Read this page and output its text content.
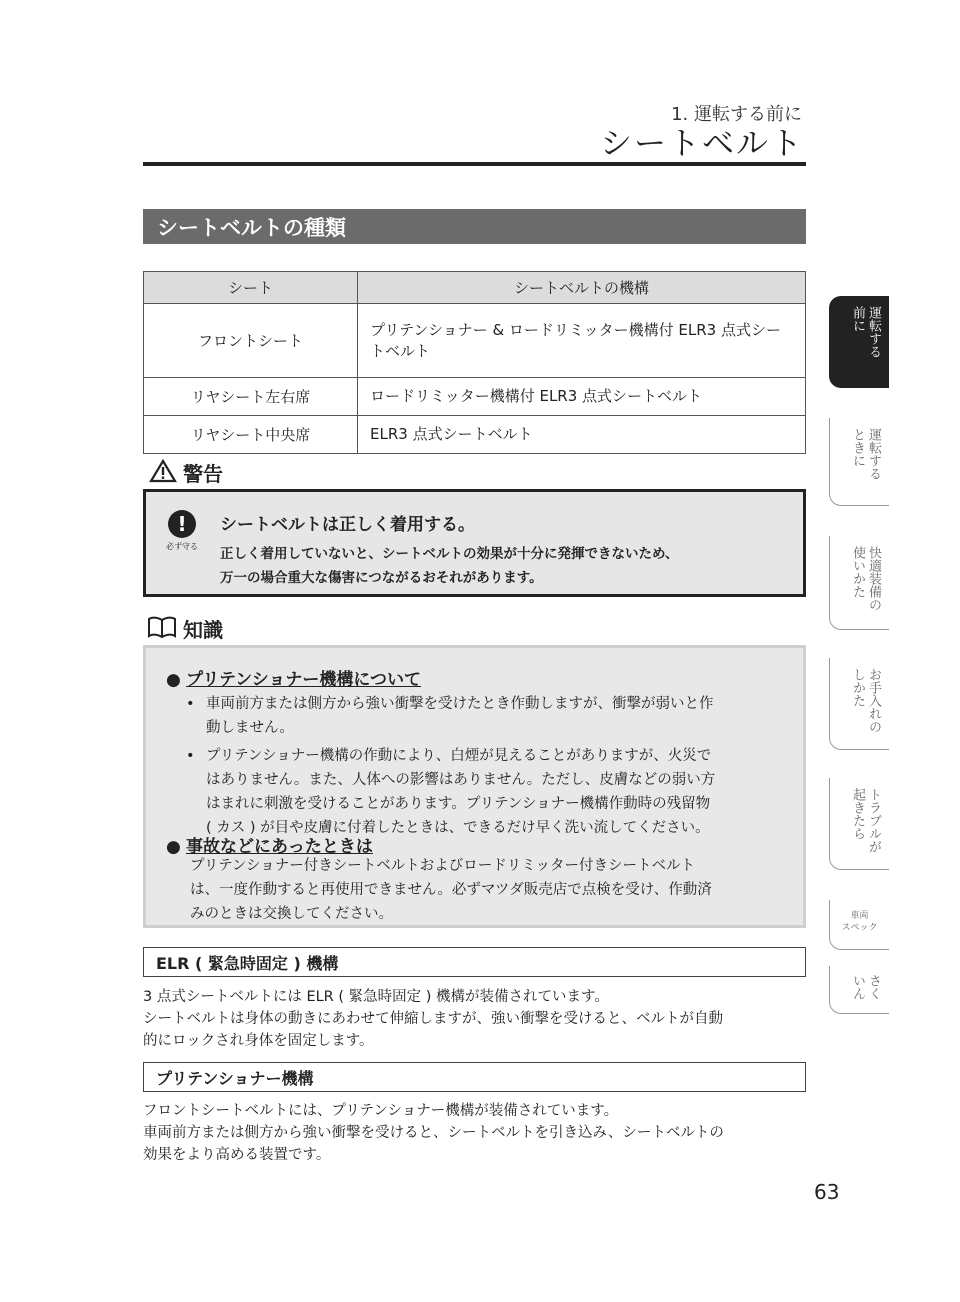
1. 運転する前に
シートベルト
シートベルトの種類
シート	シートベルトの機構
フロントシート	プリテンショナー & ロードリミッター機構付 ELR3 点式シートベルト
リヤシート左右席	ロードリミッター機構付 ELR3 点式シートベルト
リヤシート中央席	ELR3 点式シートベルト
警告
!
必ず守る
シートベルトは正しく着用する。
正しく着用していないと、シートベルトの効果が十分に発揮できないため、
万一の場合重大な傷害につながるおそれがあります。
知識
● プリテンショナー機構について
• 車両前方または側方から強い衝撃を受けたとき作動しますが、衝撃が弱いと作
動しません。
• プリテンショナー機構の作動により、白煙が見えることがありますが、火災で
はありません。また、人体への影響はありません。ただし、皮膚などの弱い方
はまれに刺激を受けることがあります。プリテンショナー機構作動時の残留物
( カス ) が目や皮膚に付着したときは、できるだけ早く洗い流してください。
● 事故などにあったときは
プリテンショナー付きシートベルトおよびロードリミッター付きシートベルト
は、一度作動すると再使用できません。必ずマツダ販売店で点検を受け、作動済
みのときは交換してください。
ELR ( 緊急時固定 ) 機構
3 点式シートベルトには ELR ( 緊急時固定 ) 機構が装備されています。
シートベルトは身体の動きにあわせて伸縮しますが、強い衝撃を受けると、ベルトが自動
的にロックされ身体を固定します。
プリテンショナー機構
フロントシートベルトには、プリテンショナー機構が装備されています。
車両前方または側方から強い衝撃を受けると、シートベルトを引き込み、シートベルトの
効果をより高める装置です。
63
運転する
前に
運転する
ときに
快適装備の
使いかた
お手入れの
しかた
トラブルが
起きたら
車両
スペック
さく
いん
